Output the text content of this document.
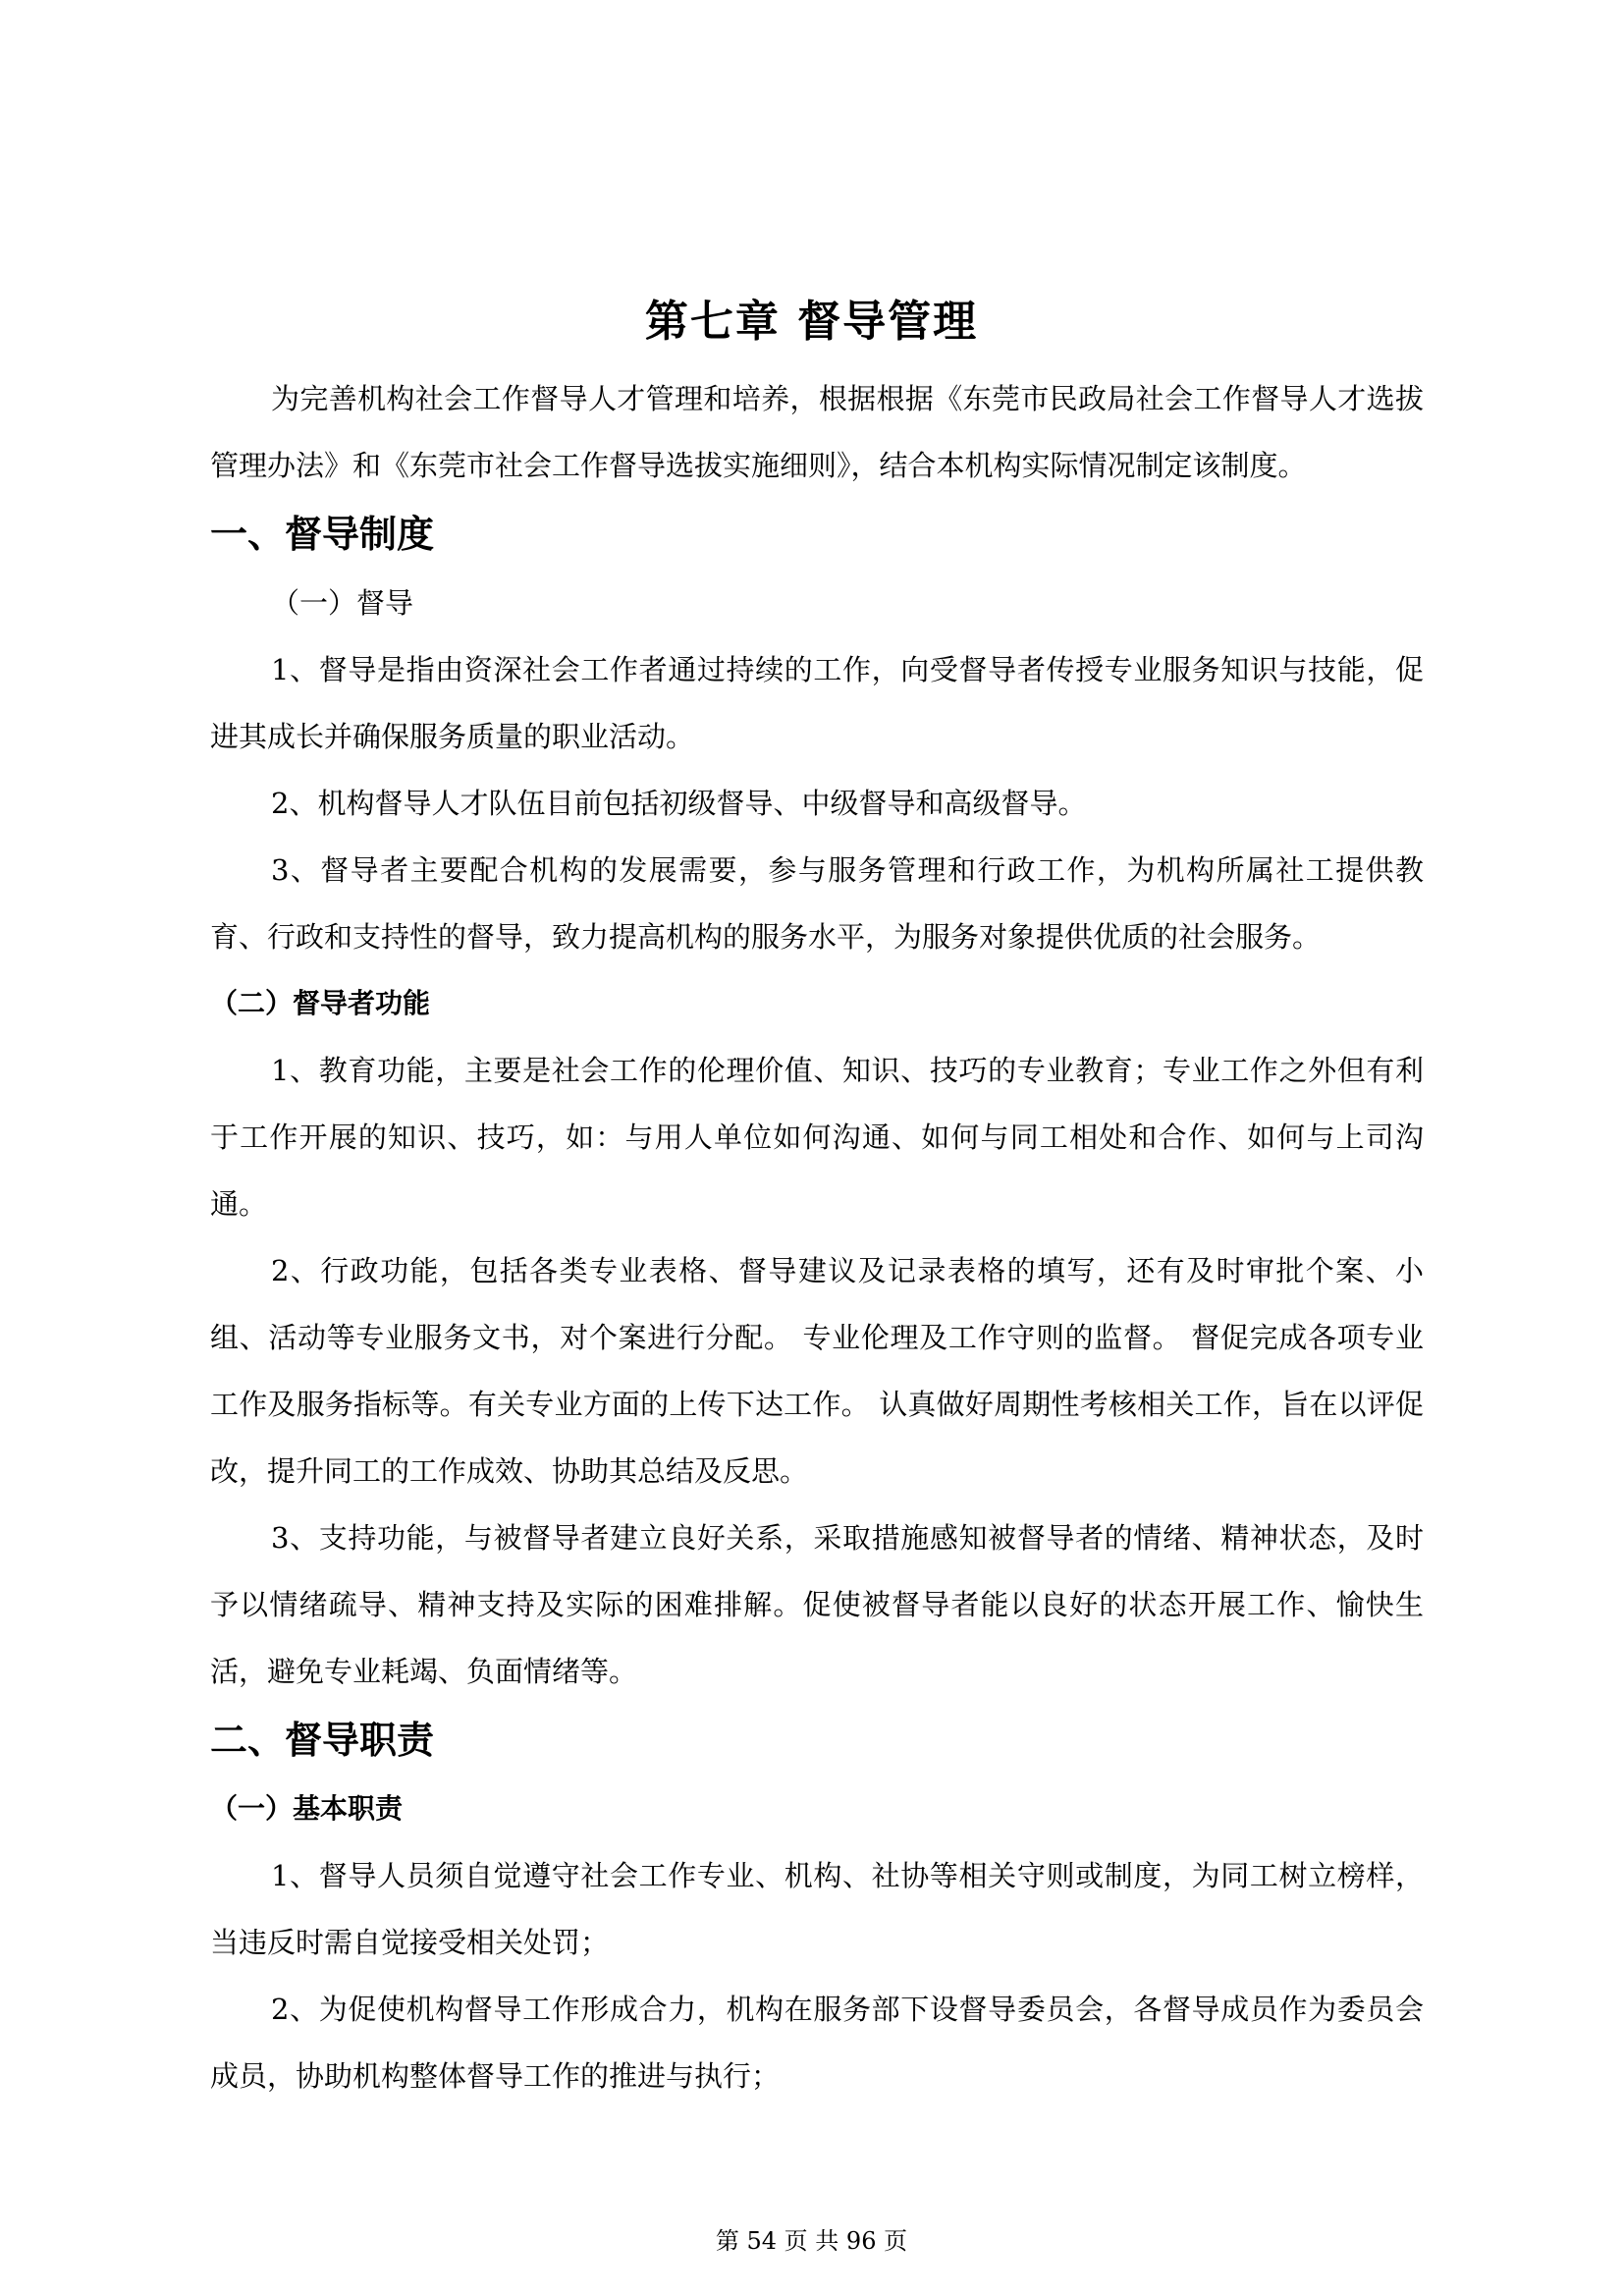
第七章 督导管理

为完善机构社会工作督导人才管理和培养，根据根据《东莞市民政局社会工作督导人才选拔管理办法》和《东莞市社会工作督导选拔实施细则》，结合本机构实际情况制定该制度。

一、督导制度

（一）督导

1、督导是指由资深社会工作者通过持续的工作，向受督导者传授专业服务知识与技能，促进其成长并确保服务质量的职业活动。

2、机构督导人才队伍目前包括初级督导、中级督导和高级督导。

3、督导者主要配合机构的发展需要，参与服务管理和行政工作，为机构所属社工提供教育、行政和支持性的督导，致力提高机构的服务水平，为服务对象提供优质的社会服务。

（二）督导者功能

1、教育功能，主要是社会工作的伦理价值、知识、技巧的专业教育；专业工作之外但有利于工作开展的知识、技巧，如：与用人单位如何沟通、如何与同工相处和合作、如何与上司沟通。

2、行政功能，包括各类专业表格、督导建议及记录表格的填写，还有及时审批个案、小组、活动等专业服务文书，对个案进行分配。 专业伦理及工作守则的监督。 督促完成各项专业工作及服务指标等。有关专业方面的上传下达工作。 认真做好周期性考核相关工作，旨在以评促改，提升同工的工作成效、协助其总结及反思。

3、支持功能，与被督导者建立良好关系，采取措施感知被督导者的情绪、精神状态，及时予以情绪疏导、精神支持及实际的困难排解。促使被督导者能以良好的状态开展工作、愉快生活，避免专业耗竭、负面情绪等。

二、督导职责

（一）基本职责

1、督导人员须自觉遵守社会工作专业、机构、社协等相关守则或制度，为同工树立榜样，当违反时需自觉接受相关处罚；

2、为促使机构督导工作形成合力，机构在服务部下设督导委员会，各督导成员作为委员会成员，协助机构整体督导工作的推进与执行；

第 54 页 共 96 页
